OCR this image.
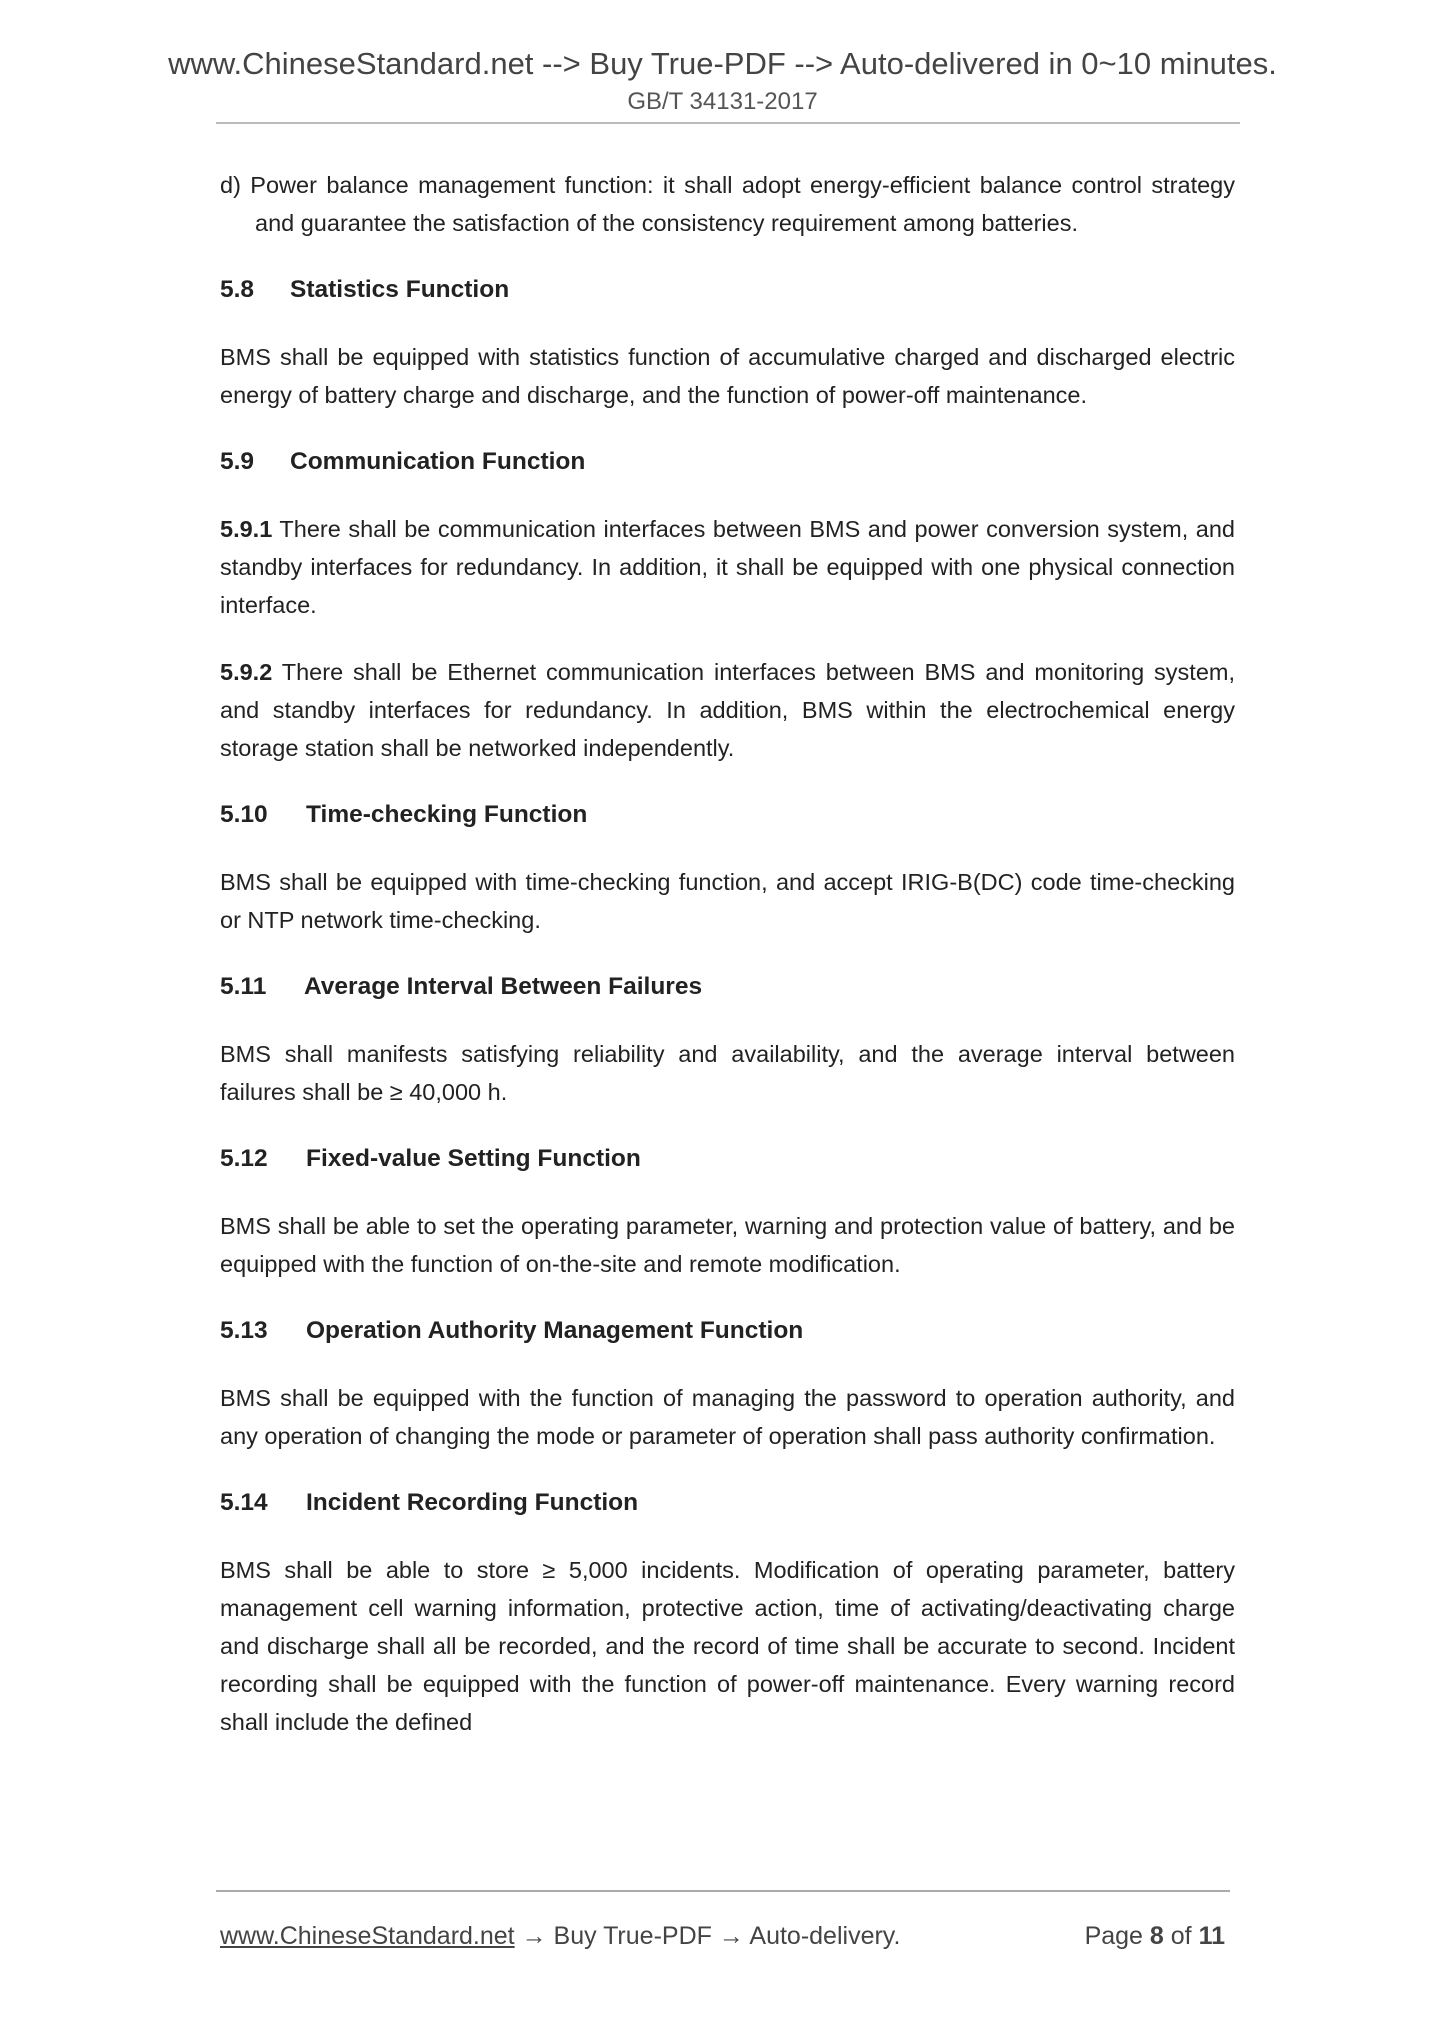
www.ChineseStandard.net --> Buy True-PDF --> Auto-delivered in 0~10 minutes.
GB/T 34131-2017

d) Power balance management function: it shall adopt energy-efficient balance control strategy and guarantee the satisfaction of the consistency requirement among batteries.

5.8 Statistics Function

BMS shall be equipped with statistics function of accumulative charged and discharged electric energy of battery charge and discharge, and the function of power-off maintenance.

5.9 Communication Function

5.9.1 There shall be communication interfaces between BMS and power conversion system, and standby interfaces for redundancy. In addition, it shall be equipped with one physical connection interface.

5.9.2 There shall be Ethernet communication interfaces between BMS and monitoring system, and standby interfaces for redundancy. In addition, BMS within the electrochemical energy storage station shall be networked independently.

5.10 Time-checking Function

BMS shall be equipped with time-checking function, and accept IRIG-B(DC) code time-checking or NTP network time-checking.

5.11 Average Interval Between Failures

BMS shall manifests satisfying reliability and availability, and the average interval between failures shall be ≥ 40,000 h.

5.12 Fixed-value Setting Function

BMS shall be able to set the operating parameter, warning and protection value of battery, and be equipped with the function of on-the-site and remote modification.

5.13 Operation Authority Management Function

BMS shall be equipped with the function of managing the password to operation authority, and any operation of changing the mode or parameter of operation shall pass authority confirmation.

5.14 Incident Recording Function

BMS shall be able to store ≥ 5,000 incidents. Modification of operating parameter, battery management cell warning information, protective action, time of activating/deactivating charge and discharge shall all be recorded, and the record of time shall be accurate to second. Incident recording shall be equipped with the function of power-off maintenance. Every warning record shall include the defined

www.ChineseStandard.net → Buy True-PDF → Auto-delivery.	Page 8 of 11
